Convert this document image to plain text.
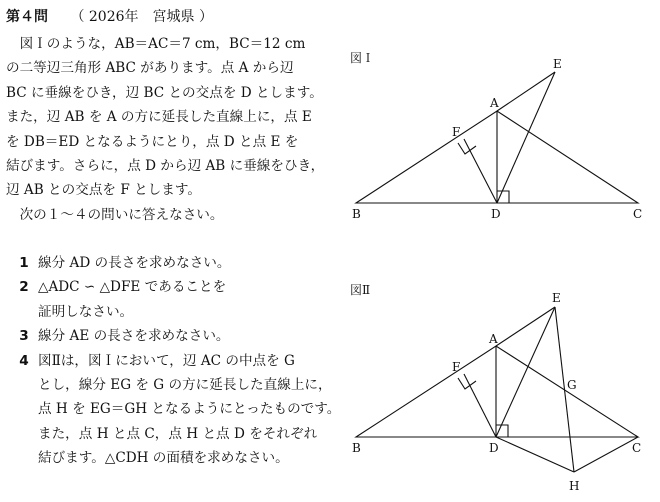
第４問 （ 2026年　宮城県 ）
　図Ｉのような，AB＝AC＝7 cm，BC＝12 cm
の二等辺三角形 ABC があります。点 A から辺
BC に垂線をひき，辺 BC との交点を D とします。
また，辺 AB を A の方に延長した直線上に，点 E
を DB＝ED となるようにとり，点 D と点 E を
結びます。さらに，点 D から辺 AB に垂線をひき，
辺 AB との交点を F とします。
　次の１～４の問いに答えなさい。
1 線分 AD の長さを求めなさい。
2 △ADC ∽ △DFE であることを
証明しなさい。
3 線分 AE の長さを求めなさい。
4 図Ⅱは，図Ｉにおいて，辺 AC の中点を G
とし，線分 EG を G の方に延長した直線上に，
点 H を EG＝GH となるようにとったものです。
また，点 H と点 C，点 H と点 D をそれぞれ
結びます。△CDH の面積を求めなさい。
図Ｉ
B	C
D
A
E
F
図Ⅱ
B	C
D
A
E
F
G
H
